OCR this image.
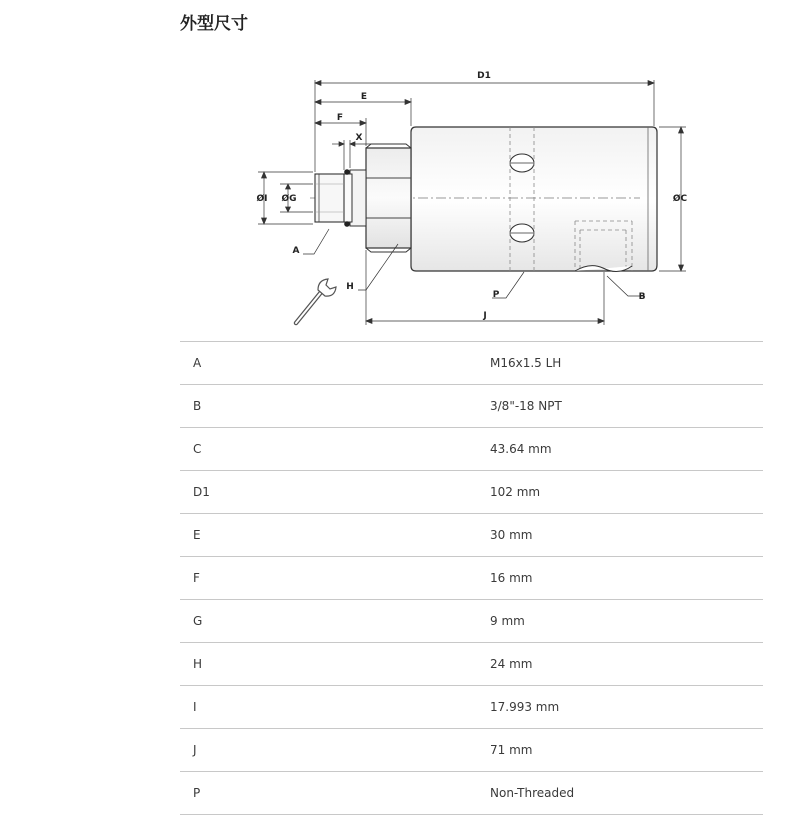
外型尺寸
D1
E
F
X
ØI ØG	ØC
A
H
P	B
J
A	M16x1.5 LH
B	3/8"-18 NPT
C	43.64 mm
D1	102 mm
E	30 mm
F	16 mm
G	9 mm
H	24 mm
I	17.993 mm
J	71 mm
P	Non-Threaded
